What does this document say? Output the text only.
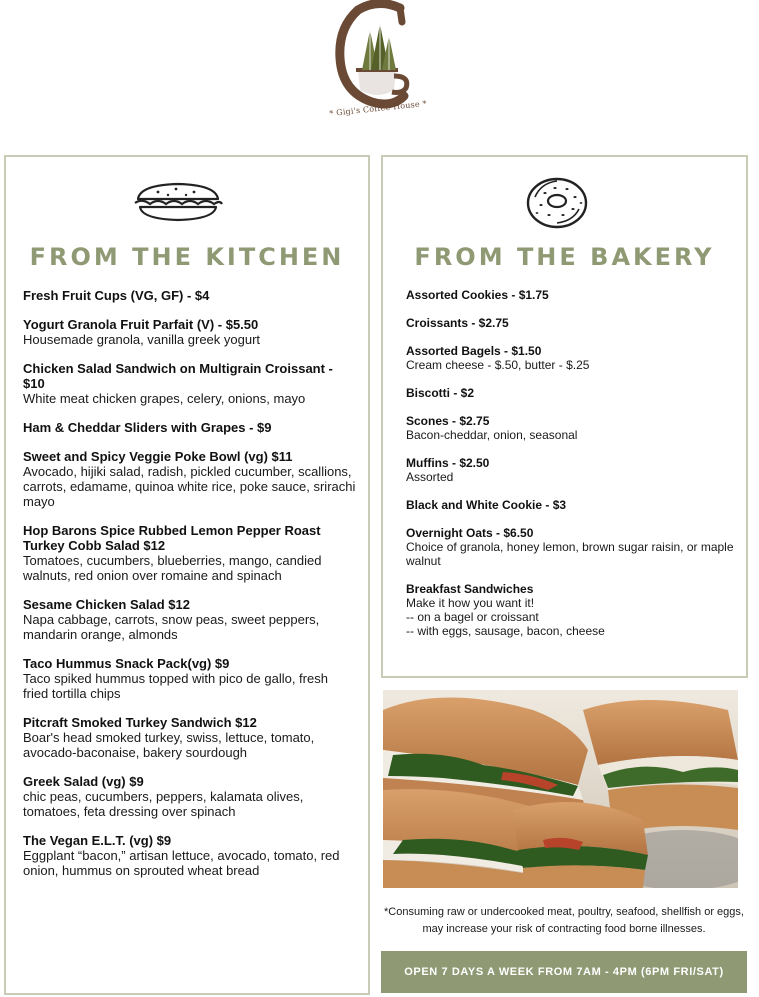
* Gigi's Coffee House *
FROM THE KITCHEN
Fresh Fruit Cups (VG, GF) - $4
Yogurt Granola Fruit Parfait (V) - $5.50
Housemade granola, vanilla greek yogurt
Chicken Salad Sandwich on Multigrain Croissant - $10
White meat chicken grapes, celery, onions, mayo
Ham & Cheddar Sliders with Grapes - $9
Sweet and Spicy Veggie Poke Bowl (vg) $11
Avocado, hijiki salad, radish, pickled cucumber, scallions, carrots, edamame, quinoa white rice, poke sauce, srirachi mayo
Hop Barons Spice Rubbed Lemon Pepper Roast Turkey Cobb Salad $12
Tomatoes, cucumbers, blueberries, mango, candied walnuts, red onion over romaine and spinach
Sesame Chicken Salad $12
Napa cabbage, carrots, snow peas, sweet peppers, mandarin orange, almonds
Taco Hummus Snack Pack(vg) $9
Taco spiked hummus topped with pico de gallo, fresh fried tortilla chips
Pitcraft Smoked Turkey Sandwich $12
Boar's head smoked turkey, swiss, lettuce, tomato, avocado-baconaise, bakery sourdough
Greek Salad (vg) $9
chic peas, cucumbers, peppers, kalamata olives, tomatoes, feta dressing over spinach
The Vegan E.L.T. (vg) $9
Eggplant “bacon,” artisan lettuce, avocado, tomato, red onion, hummus on sprouted wheat bread
FROM THE BAKERY
Assorted Cookies - $1.75
Croissants - $2.75
Assorted Bagels - $1.50
Cream cheese - $.50, butter - $.25
Biscotti - $2
Scones - $2.75
Bacon-cheddar, onion, seasonal
Muffins - $2.50
Assorted
Black and White Cookie - $3
Overnight Oats - $6.50
Choice of granola, honey lemon, brown sugar raisin, or maple walnut
Breakfast Sandwiches
Make it how you want it!
-- on a bagel or croissant
-- with eggs, sausage, bacon, cheese
*Consuming raw or undercooked meat, poultry, seafood, shellfish or eggs, may increase your risk of contracting food borne illnesses.
OPEN 7 DAYS A WEEK FROM 7AM - 4PM (6PM FRI/SAT)
